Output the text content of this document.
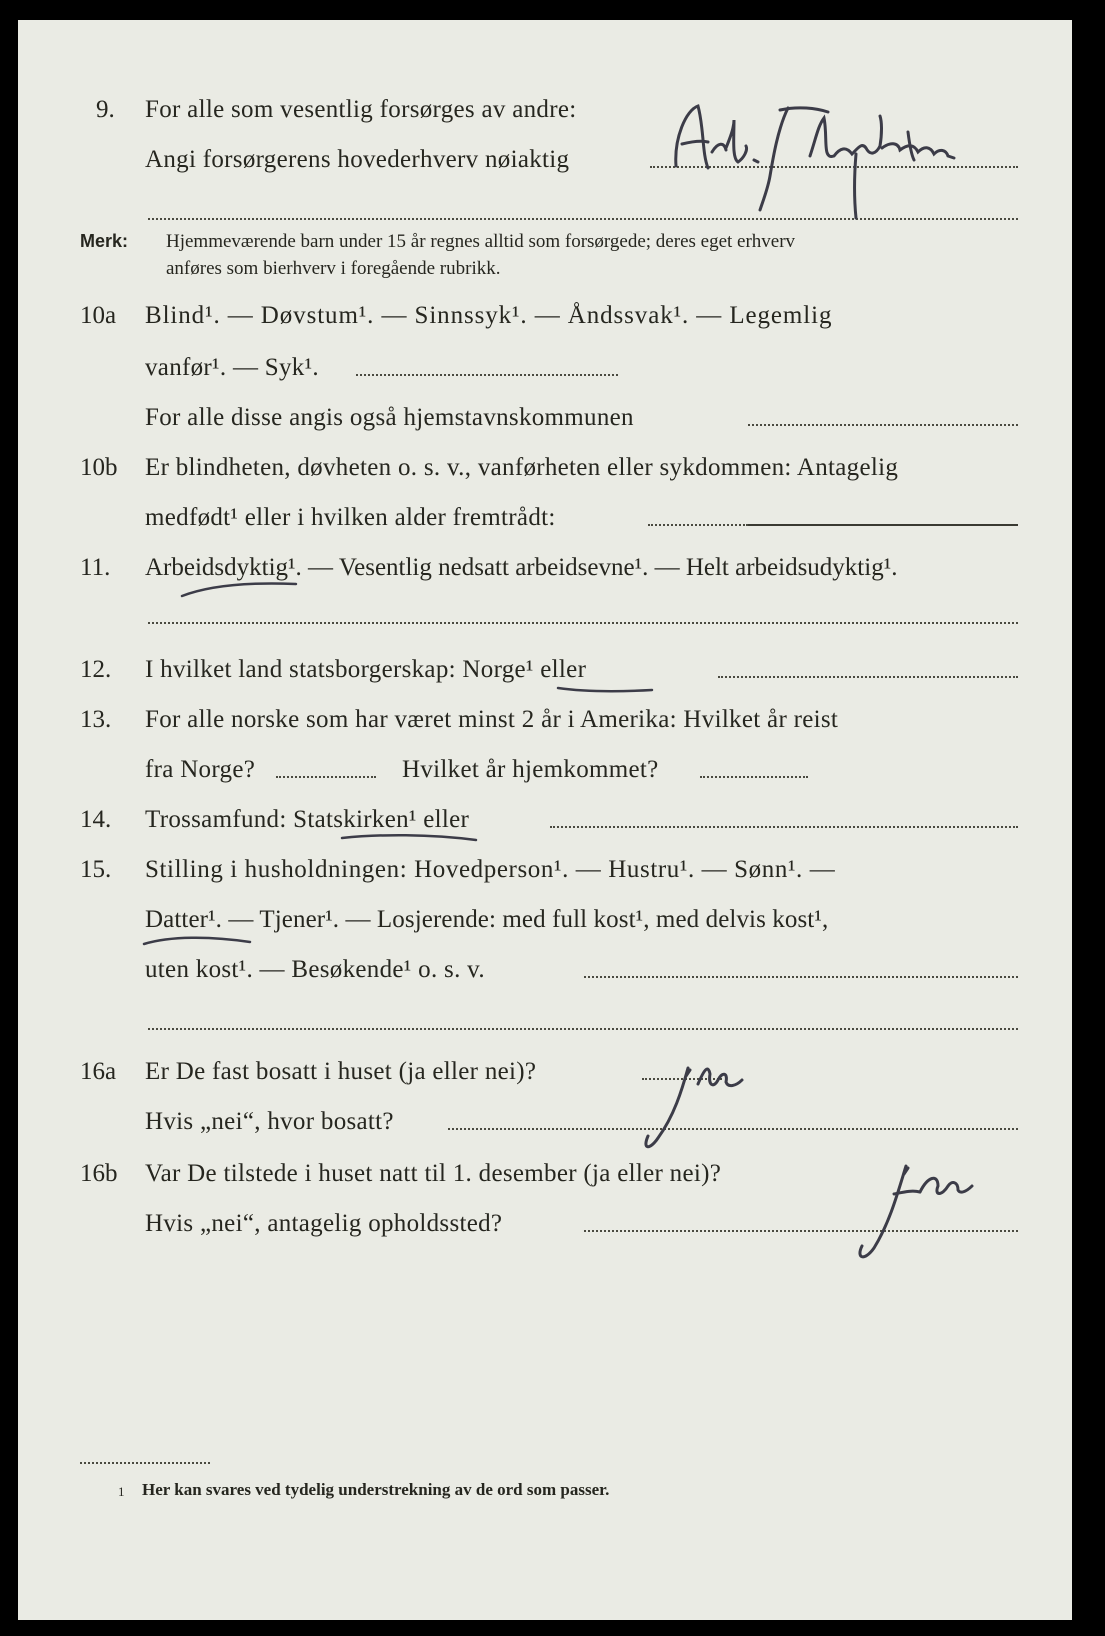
9. For alle som vesentlig forsørges av andre:
Angi forsørgerens hovederhverv nøiaktig
Merk: Hjemmeværende barn under 15 år regnes alltid som forsørgede; deres eget erhverv
anføres som bierhverv i foregående rubrikk.
10a Blind¹. — Døvstum¹. — Sinnssyk¹. — Åndssvak¹. — Legemlig
vanfør¹. — Syk¹.
For alle disse angis også hjemstavnskommunen
10b Er blindheten, døvheten o. s. v., vanførheten eller sykdommen: Antagelig
medfødt¹ eller i hvilken alder fremtrådt:
11. Arbeidsdyktig¹. — Vesentlig nedsatt arbeidsevne¹. — Helt arbeidsudyktig¹.
12. I hvilket land statsborgerskap: Norge¹ eller
13. For alle norske som har været minst 2 år i Amerika: Hvilket år reist
fra Norge?	Hvilket år hjemkommet?
14. Trossamfund: Statskirken¹ eller
15. Stilling i husholdningen: Hovedperson¹. — Hustru¹. — Sønn¹. —
Datter¹. — Tjener¹. — Losjerende: med full kost¹, med delvis kost¹,
uten kost¹. — Besøkende¹ o. s. v.
16a Er De fast bosatt i huset (ja eller nei)?
Hvis „nei“, hvor bosatt?
16b Var De tilstede i huset natt til 1. desember (ja eller nei)?
Hvis „nei“, antagelig opholdssted?
1 Her kan svares ved tydelig understrekning av de ord som passer.
